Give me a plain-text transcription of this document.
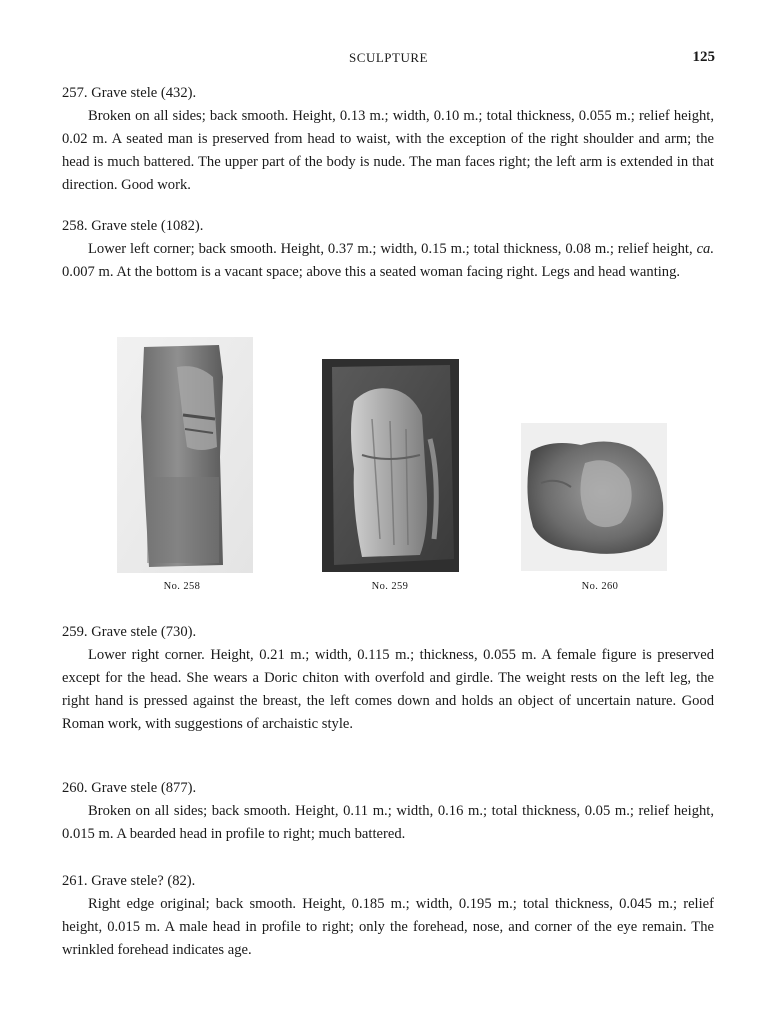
SCULPTURE	125
257. Grave stele (432).
Broken on all sides; back smooth. Height, 0.13 m.; width, 0.10 m.; total thickness, 0.055 m.; relief height, 0.02 m. A seated man is preserved from head to waist, with the exception of the right shoulder and arm; the head is much battered. The upper part of the body is nude. The man faces right; the left arm is extended in that direction. Good work.
258. Grave stele (1082).
Lower left corner; back smooth. Height, 0.37 m.; width, 0.15 m.; total thickness, 0.08 m.; relief height, ca. 0.007 m. At the bottom is a vacant space; above this a seated woman facing right. Legs and head wanting.
No. 258	No. 259	No. 260
259. Grave stele (730).
Lower right corner. Height, 0.21 m.; width, 0.115 m.; thickness, 0.055 m. A female figure is preserved except for the head. She wears a Doric chiton with overfold and girdle. The weight rests on the left leg, the right hand is pressed against the breast, the left comes down and holds an object of uncertain nature. Good Roman work, with suggestions of archaistic style.
260. Grave stele (877).
Broken on all sides; back smooth. Height, 0.11 m.; width, 0.16 m.; total thickness, 0.05 m.; relief height, 0.015 m. A bearded head in profile to right; much battered.
261. Grave stele? (82).
Right edge original; back smooth. Height, 0.185 m.; width, 0.195 m.; total thickness, 0.045 m.; relief height, 0.015 m. A male head in profile to right; only the forehead, nose, and corner of the eye remain. The wrinkled forehead indicates age.
